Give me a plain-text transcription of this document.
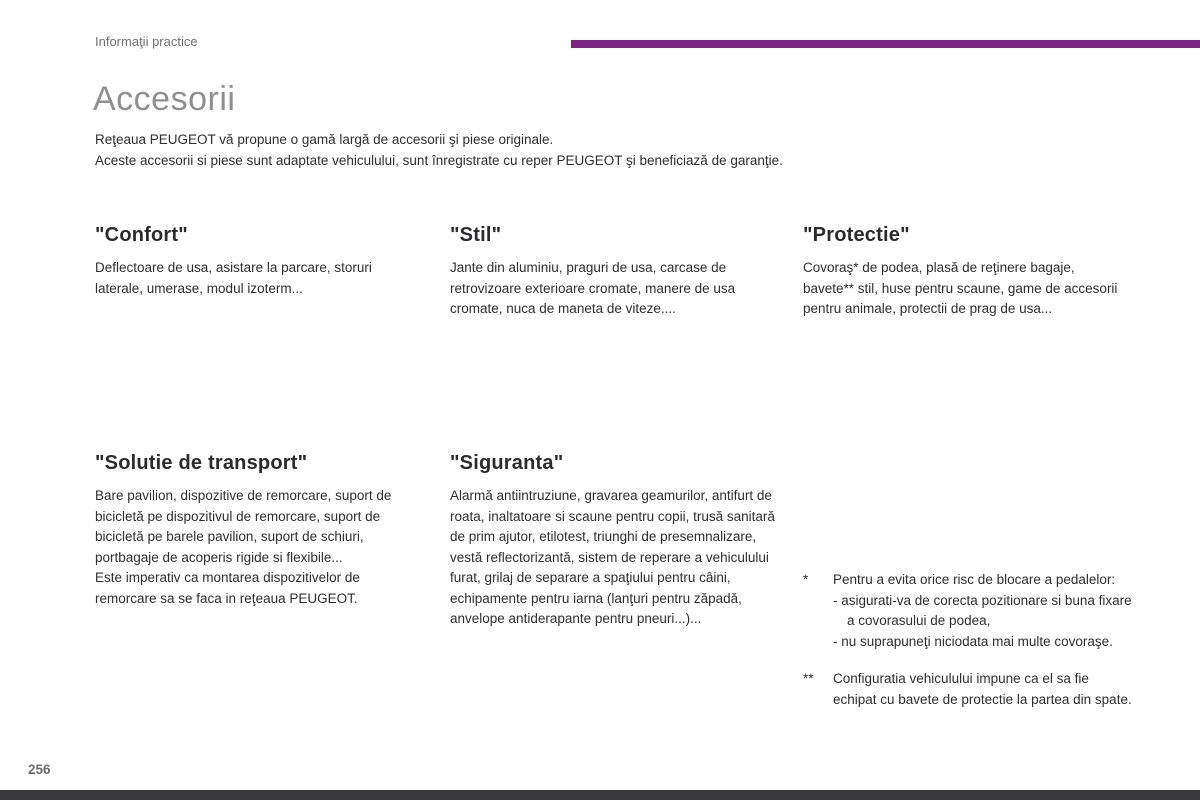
Informaţii practice
Accesorii

Reţeaua PEUGEOT vă propune o gamă largă de accesorii şi piese originale.

Aceste accesorii si piese sunt adaptate vehiculului, sunt înregistrate cu reper PEUGEOT şi beneficiază de garanţie.

"Confort"

Deflectoare de usa, asistare la parcare, storuri laterale, umerase, modul izoterm...

"Stil"

Jante din aluminiu, praguri de usa, carcase de retrovizoare exterioare cromate, manere de usa cromate, nuca de maneta de viteze....

"Protectie"

Covoraş* de podea, plasă de reţinere bagaje, bavete** stil, huse pentru scaune, game de accesorii pentru animale, protectii de prag de usa...

"Solutie de transport"

Bare pavilion, dispozitive de remorcare, suport de bicicletă pe dispozitivul de remorcare, suport de bicicletă pe barele pavilion, suport de schiuri, portbagaje de acoperis rigide si flexibile...

Este imperativ ca montarea dispozitivelor de remorcare sa se faca in reţeaua PEUGEOT.

"Siguranta"

Alarmă antiintruziune, gravarea geamurilor, antifurt de roata, inaltatoare si scaune pentru copii, trusă sanitară de prim ajutor, etilotest, triunghi de presemnalizare, vestă reflectorizantă, sistem de reperare a vehiculului furat, grilaj de separare a spaţiului pentru câini, echipamente pentru iarna (lanţuri pentru zăpadă, anvelope antiderapante pentru pneuri...)...

*	Pentru a evita orice risc de blocare a pedalelor:

- asigurati-va de corecta pozitionare si buna fixare a covorasului de podea,

- nu suprapuneţi niciodata mai multe covoraşe.

**	Configuratia vehiculului impune ca el sa fie echipat cu bavete de protectie la partea din spate.

256
